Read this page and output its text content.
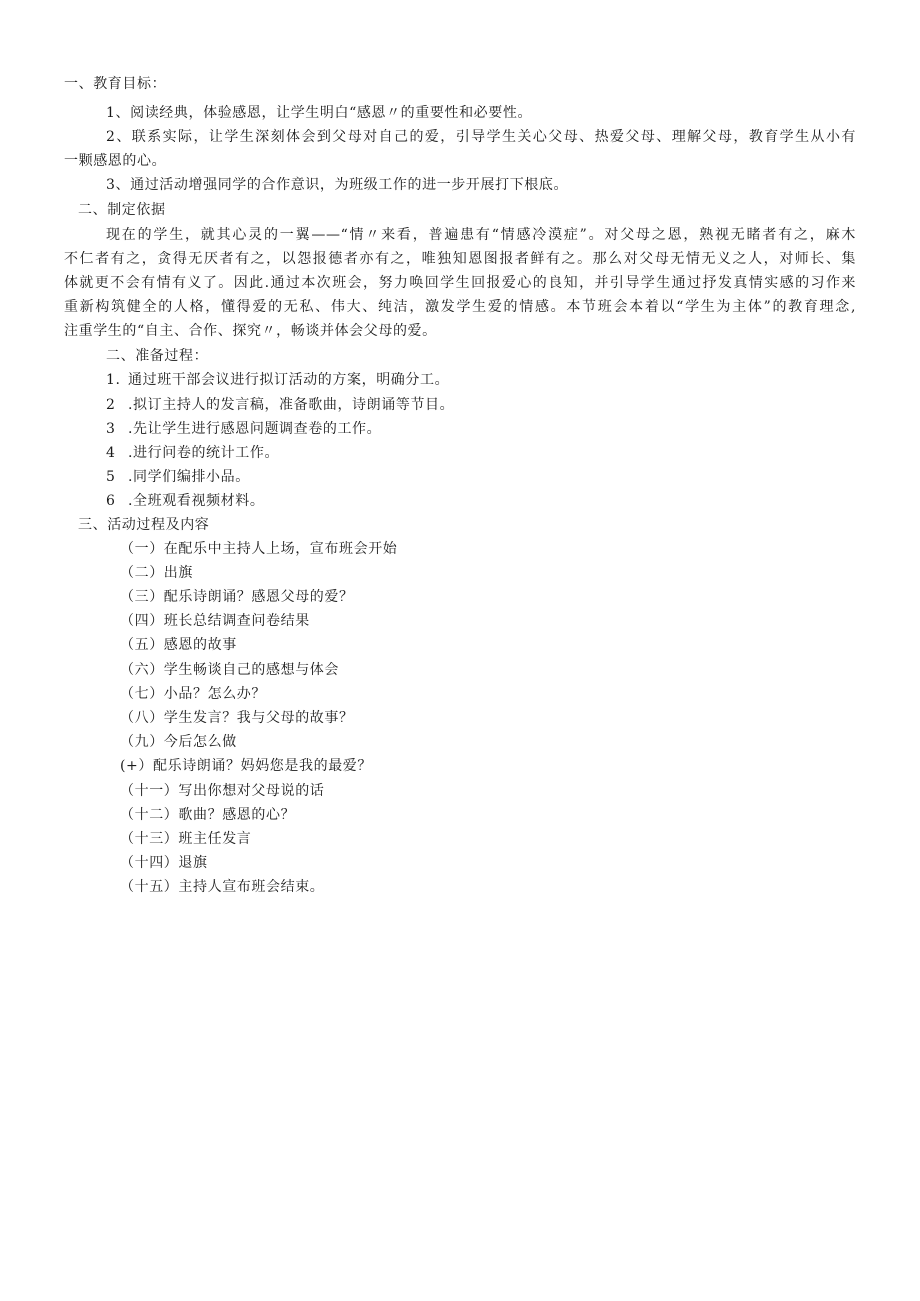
一、教育目标：
1、阅读经典，体验感恩，让学生明白“感恩〃的重要性和必要性。
2、联系实际，让学生深刻体会到父母对自己的爱，引导学生关心父母、热爱父母、理解父母，教育学生从小有
一颗感恩的心。
3、通过活动增强同学的合作意识，为班级工作的进一步开展打下根底。
二、制定依据
现在的学生，就其心灵的一翼——“情〃来看，普遍患有“情感冷漠症”。对父母之恩，熟视无睹者有之，麻木
不仁者有之，贪得无厌者有之，以怨报德者亦有之，唯独知恩图报者鲜有之。那么对父母无情无义之人，对师长、集
体就更不会有情有义了。因此.通过本次班会，努力唤回学生回报爱心的良知，并引导学生通过抒发真情实感的习作来
重新构筑健全的人格，懂得爱的无私、伟大、纯洁，激发学生爱的情感。本节班会本着以“学生为主体”的教育理念,
注重学生的“自主、合作、探究〃，畅谈并体会父母的爱。
二、准备过程：
1. 通过班干部会议进行拟订活动的方案，明确分工。
2 .拟订主持人的发言稿，准备歌曲，诗朗诵等节目。
3 .先让学生进行感恩问题调查卷的工作。
4 .进行问卷的统计工作。
5 .同学们编排小品。
6 .全班观看视频材料。
三、活动过程及内容
（一）在配乐中主持人上场，宣布班会开始
（二）出旗
（三）配乐诗朗诵？感恩父母的爱？
（四）班长总结调查问卷结果
（五）感恩的故事
（六）学生畅谈自己的感想与体会
（七）小品？怎么办？
（八）学生发言？我与父母的故事？
（九）今后怎么做
(+）配乐诗朗诵？妈妈您是我的最爱？
（十一）写出你想对父母说的话
（十二）歌曲？感恩的心？
（十三）班主任发言
（十四）退旗
（十五）主持人宣布班会结束。
